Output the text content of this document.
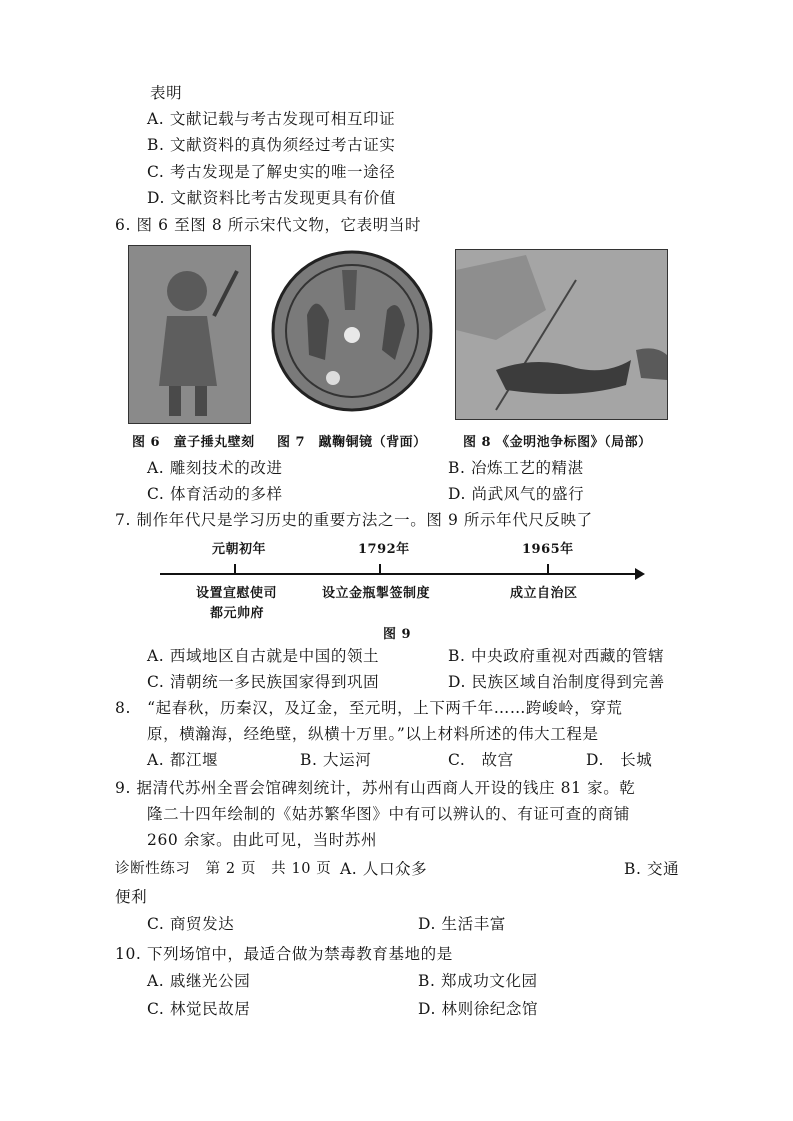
表明
A. 文献记载与考古发现可相互印证
B. 文献资料的真伪须经过考古证实
C. 考古发现是了解史实的唯一途径
D. 文献资料比考古发现更具有价值
6. 图 6 至图 8 所示宋代文物，它表明当时
图 6　童子捶丸壁刻 图 7　蹴鞠铜镜（背面）	图 8 《金明池争标图》（局部）
A. 雕刻技术的改进	B. 冶炼工艺的精湛
C. 体育活动的多样	D. 尚武风气的盛行
7. 制作年代尺是学习历史的重要方法之一。图 9 所示年代尺反映了
元朝初年	1792年	1965年
设置宣慰使司
都元帅府
设立金瓶掣签制度	成立自治区
图 9
A. 西域地区自古就是中国的领土	B. 中央政府重视对西藏的管辖
C. 清朝统一多民族国家得到巩固	D. 民族区域自治制度得到完善
8.　“起春秋，历秦汉，及辽金，至元明，上下两千年……跨峻岭，穿荒
原，横瀚海，经绝壁，纵横十万里。”以上材料所述的伟大工程是
A. 都江堰	B. 大运河	C.　故宫	D.　长城
9. 据清代苏州全晋会馆碑刻统计，苏州有山西商人开设的钱庄 81 家。乾
隆二十四年绘制的《姑苏繁华图》中有可以辨认的、有证可查的商铺
260 余家。由此可见，当时苏州
诊断性练习　第 2 页　共 10 页 A. 人口众多	B. 交通
便利
C. 商贸发达	D. 生活丰富
10. 下列场馆中，最适合做为禁毒教育基地的是
A. 戚继光公园	B. 郑成功文化园
C. 林觉民故居	D. 林则徐纪念馆
